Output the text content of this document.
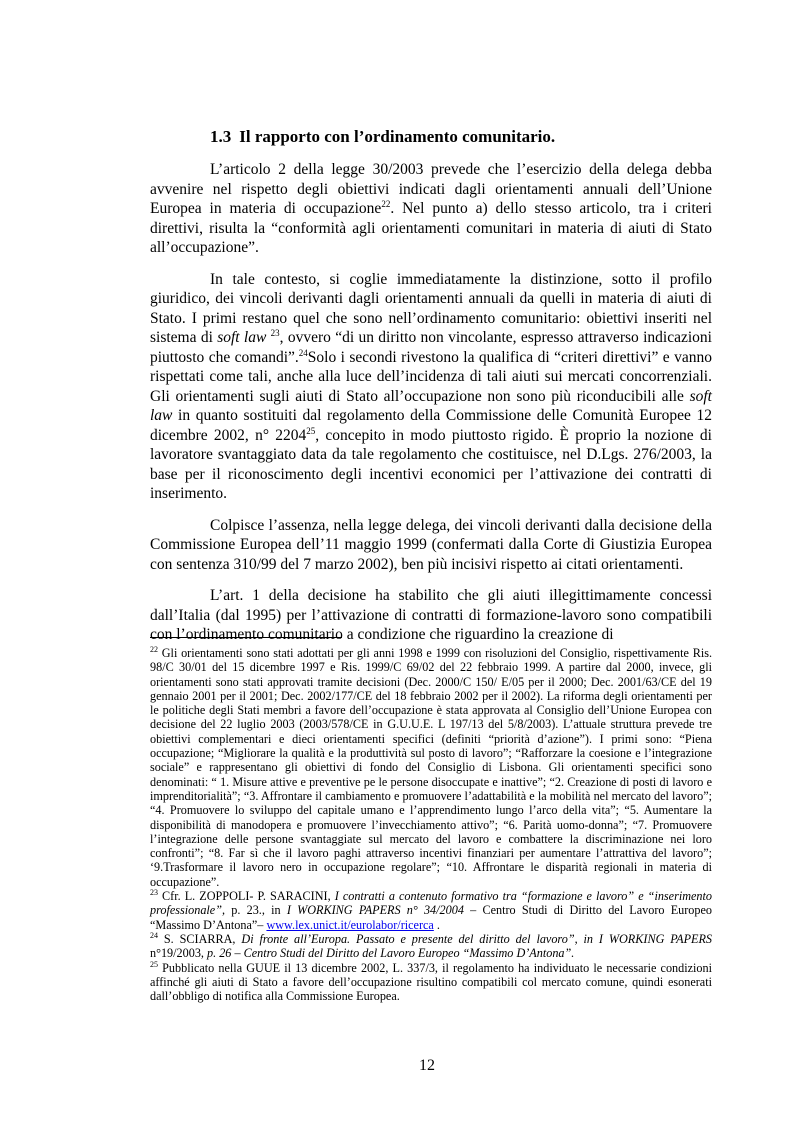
1.3 Il rapporto con l’ordinamento comunitario.

L’articolo 2 della legge 30/2003 prevede che l’esercizio della delega debba avvenire nel rispetto degli obiettivi indicati dagli orientamenti annuali dell’Unione Europea in materia di occupazione$^{22}$. Nel punto a) dello stesso articolo, tra i criteri direttivi, risulta la “conformità agli orientamenti comunitari in materia di aiuti di Stato all’occupazione”.

In tale contesto, si coglie immediatamente la distinzione, sotto il profilo giuridico, dei vincoli derivanti dagli orientamenti annuali da quelli in materia di aiuti di Stato. I primi restano quel che sono nell’ordinamento comunitario: obiettivi inseriti nel sistema di soft law $^{23}$, ovvero “di un diritto non vincolante, espresso attraverso indicazioni piuttosto che comandi”.$^{24}$Solo i secondi rivestono la qualifica di “criteri direttivi” e vanno rispettati come tali, anche alla luce dell’incidenza di tali aiuti sui mercati concorrenziali. Gli orientamenti sugli aiuti di Stato all’occupazione non sono più riconducibili alle soft law in quanto sostituiti dal regolamento della Commissione delle Comunità Europee 12 dicembre 2002, n° 2204$^{25}$, concepito in modo piuttosto rigido. È proprio la nozione di lavoratore svantaggiato data da tale regolamento che costituisce, nel D.Lgs. 276/2003, la base per il riconoscimento degli incentivi economici per l’attivazione dei contratti di inserimento.

Colpisce l’assenza, nella legge delega, dei vincoli derivanti dalla decisione della Commissione Europea dell’11 maggio 1999 (confermati dalla Corte di Giustizia Europea con sentenza 310/99 del 7 marzo 2002), ben più incisivi rispetto ai citati orientamenti.

L’art. 1 della decisione ha stabilito che gli aiuti illegittimamente concessi dall’Italia (dal 1995) per l’attivazione di contratti di formazione-lavoro sono compatibili con l’ordinamento comunitario a condizione che riguardino la creazione di

$^{22}$ Gli orientamenti sono stati adottati per gli anni 1998 e 1999 con risoluzioni del Consiglio, rispettivamente Ris. 98/C 30/01 del 15 dicembre 1997 e Ris. 1999/C 69/02 del 22 febbraio 1999. A partire dal 2000, invece, gli orientamenti sono stati approvati tramite decisioni (Dec. 2000/C 150/ E/05 per il 2000; Dec. 2001/63/CE del 19 gennaio 2001 per il 2001; Dec. 2002/177/CE del 18 febbraio 2002 per il 2002). La riforma degli orientamenti per le politiche degli Stati membri a favore dell’occupazione è stata approvata al Consiglio dell’Unione Europea con decisione del 22 luglio 2003 (2003/578/CE in G.U.U.E. L 197/13 del 5/8/2003). L’attuale struttura prevede tre obiettivi complementari e dieci orientamenti specifici (definiti “priorità d’azione”). I primi sono: “Piena occupazione; “Migliorare la qualità e la produttività sul posto di lavoro”; “Rafforzare la coesione e l’integrazione sociale” e rappresentano gli obiettivi di fondo del Consiglio di Lisbona. Gli orientamenti specifici sono denominati: “ 1. Misure attive e preventive pe le persone disoccupate e inattive”; “2. Creazione di posti di lavoro e imprenditorialità”; “3. Affrontare il cambiamento e promuovere l’adattabilità e la mobilità nel mercato del lavoro”; “4. Promuovere lo sviluppo del capitale umano e l’apprendimento lungo l’arco della vita”; “5. Aumentare la disponibilità di manodopera e promuovere l’invecchiamento attivo”; “6. Parità uomo-donna”; “7. Promuovere l’integrazione delle persone svantaggiate sul mercato del lavoro e combattere la discriminazione nei loro confronti”; “8. Far sì che il lavoro paghi attraverso incentivi finanziari per aumentare l’attrattiva del lavoro”; ‘9.Trasformare il lavoro nero in occupazione regolare”; “10. Affrontare le disparità regionali in materia di occupazione”.

$^{23}$ Cfr. L. ZOPPOLI- P. SARACINI, I contratti a contenuto formativo tra “formazione e lavoro” e “inserimento professionale”, p. 23., in I WORKING PAPERS n° 34/2004 – Centro Studi di Diritto del Lavoro Europeo “Massimo D’Antona”– www.lex.unict.it/eurolabor/ricerca .

$^{24}$ S. SCIARRA, Di fronte all’Europa. Passato e presente del diritto del lavoro”, in I WORKING PAPERS n°19/2003, p. 26 – Centro Studi del Diritto del Lavoro Europeo “Massimo D’Antona”.

$^{25}$ Pubblicato nella GUUE il 13 dicembre 2002, L. 337/3, il regolamento ha individuato le necessarie condizioni affinché gli aiuti di Stato a favore dell’occupazione risultino compatibili col mercato comune, quindi esonerati dall’obbligo di notifica alla Commissione Europea.

12
